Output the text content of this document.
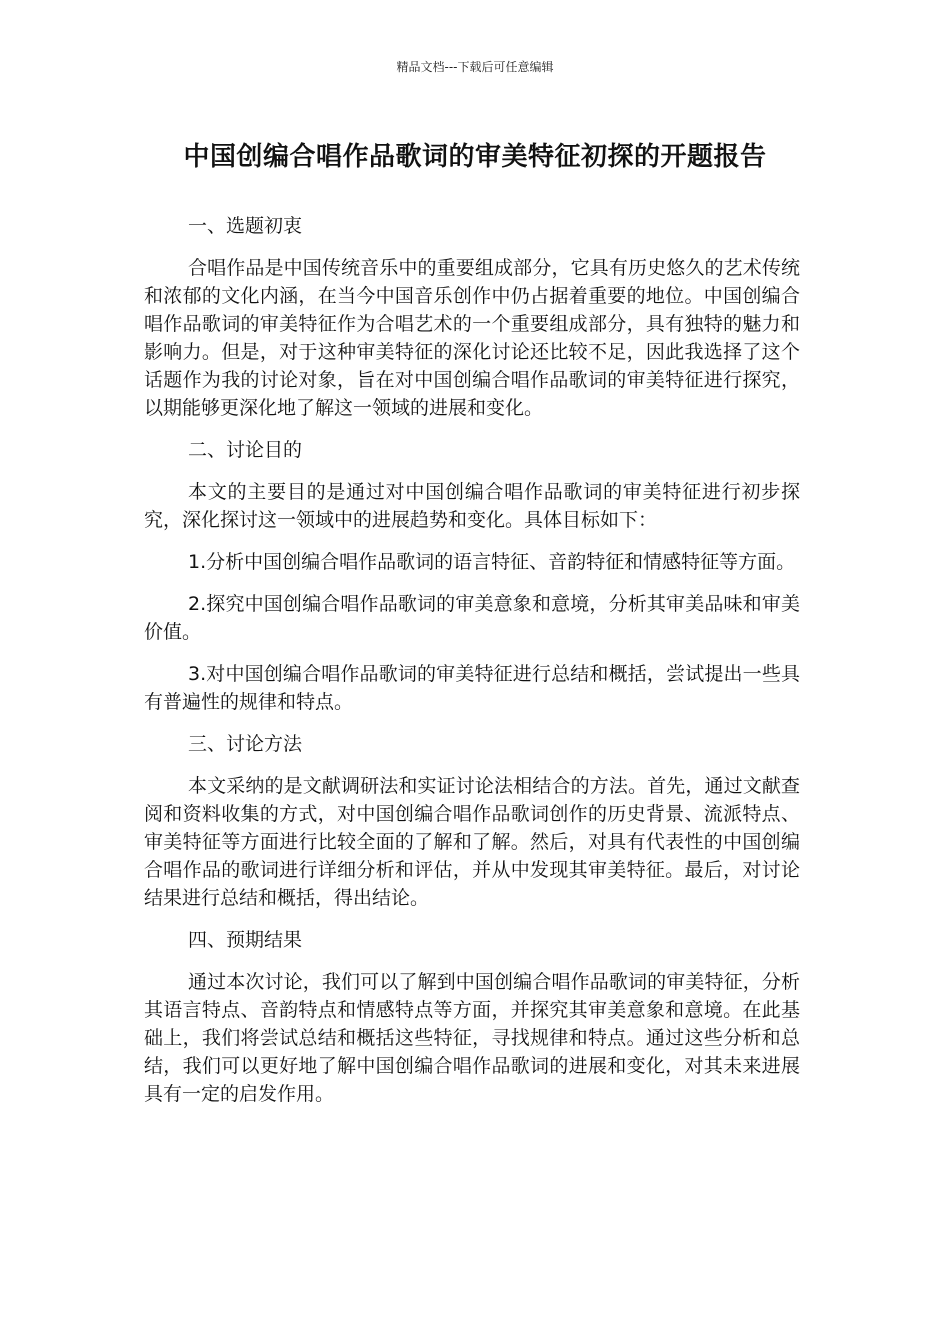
精品文档---下载后可任意编辑
中国创编合唱作品歌词的审美特征初探的开题报告

一、选题初衷

合唱作品是中国传统音乐中的重要组成部分，它具有历史悠久的艺术传统和浓郁的文化内涵，在当今中国音乐创作中仍占据着重要的地位。中国创编合唱作品歌词的审美特征作为合唱艺术的一个重要组成部分，具有独特的魅力和影响力。但是，对于这种审美特征的深化讨论还比较不足，因此我选择了这个话题作为我的讨论对象，旨在对中国创编合唱作品歌词的审美特征进行探究，以期能够更深化地了解这一领域的进展和变化。

二、讨论目的

本文的主要目的是通过对中国创编合唱作品歌词的审美特征进行初步探究，深化探讨这一领域中的进展趋势和变化。具体目标如下：

1.分析中国创编合唱作品歌词的语言特征、音韵特征和情感特征等方面。

2.探究中国创编合唱作品歌词的审美意象和意境，分析其审美品味和审美价值。

3.对中国创编合唱作品歌词的审美特征进行总结和概括，尝试提出一些具有普遍性的规律和特点。

三、讨论方法

本文采纳的是文献调研法和实证讨论法相结合的方法。首先，通过文献查阅和资料收集的方式，对中国创编合唱作品歌词创作的历史背景、流派特点、审美特征等方面进行比较全面的了解和了解。然后，对具有代表性的中国创编合唱作品的歌词进行详细分析和评估，并从中发现其审美特征。最后，对讨论结果进行总结和概括，得出结论。

四、预期结果

通过本次讨论，我们可以了解到中国创编合唱作品歌词的审美特征，分析其语言特点、音韵特点和情感特点等方面，并探究其审美意象和意境。在此基础上，我们将尝试总结和概括这些特征，寻找规律和特点。通过这些分析和总结，我们可以更好地了解中国创编合唱作品歌词的进展和变化，对其未来进展具有一定的启发作用。
